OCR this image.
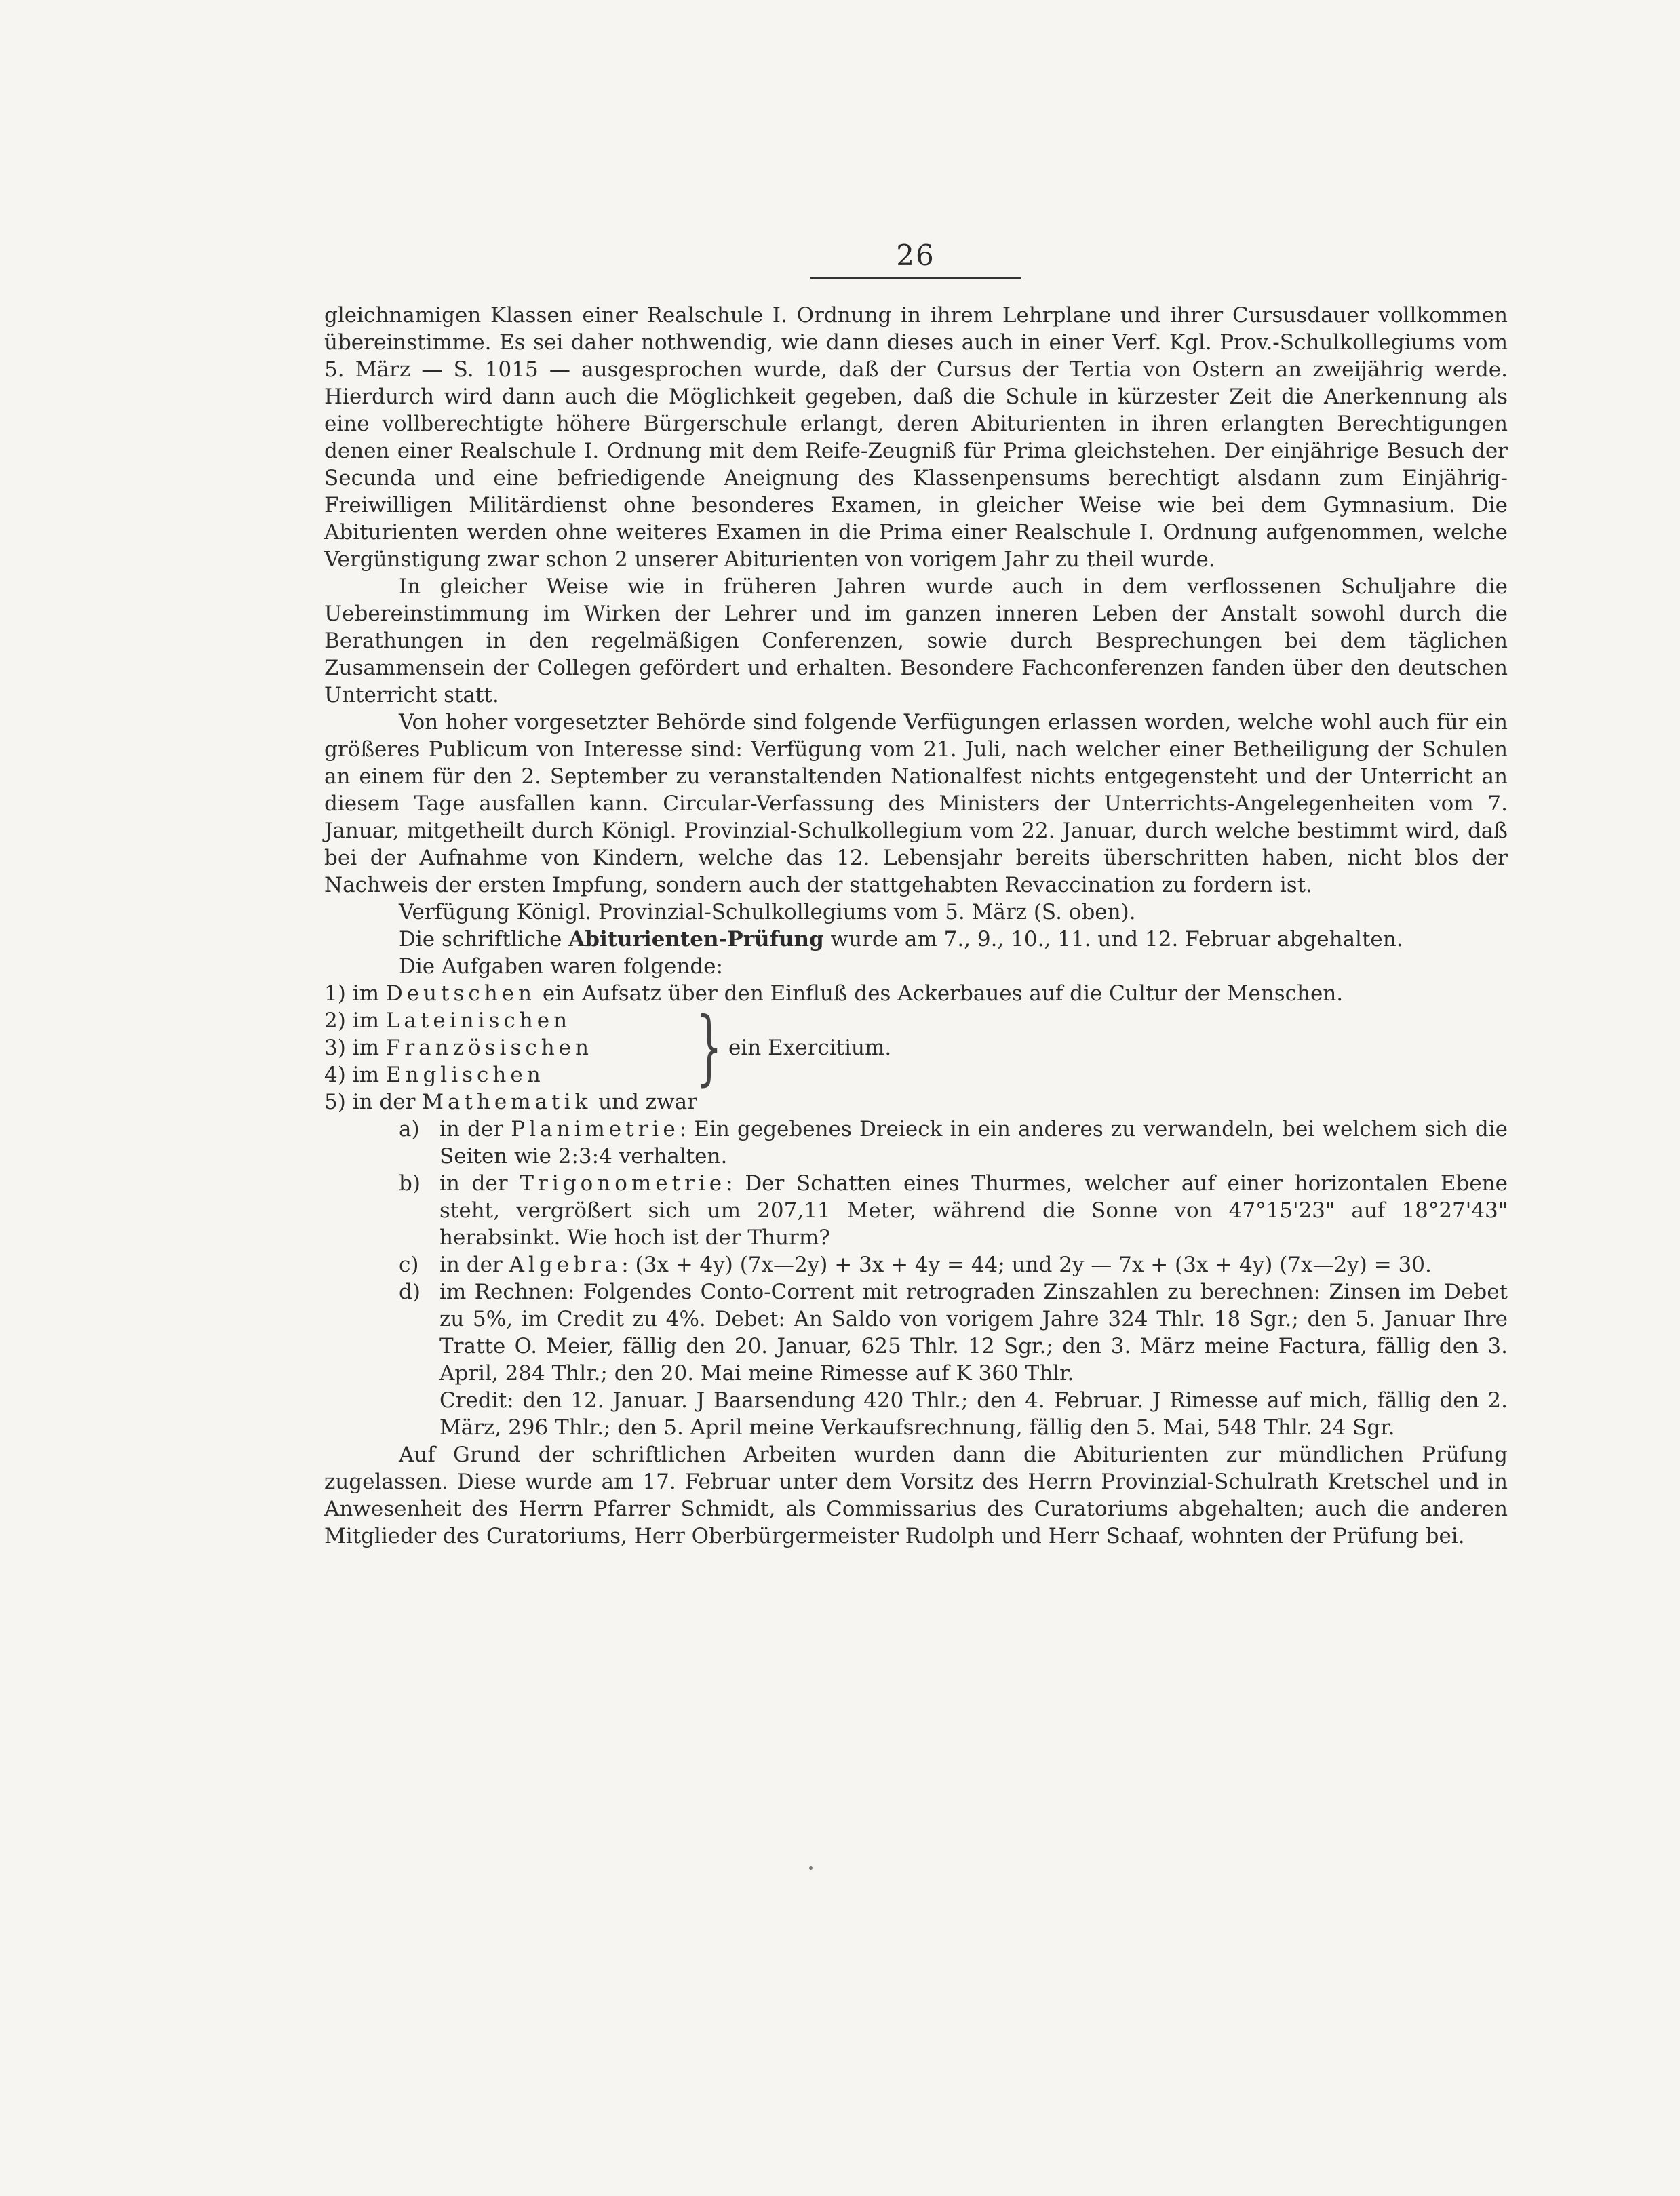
26

gleichnamigen Klassen einer Realschule I. Ordnung in ihrem Lehrplane und ihrer Cursusdauer vollkommen übereinstimme. Es sei daher nothwendig, wie dann dieses auch in einer Verf. Kgl. Prov.-Schulkollegiums vom 5. März — S. 1015 — ausgesprochen wurde, daß der Cursus der Tertia von Ostern an zweijährig werde. Hierdurch wird dann auch die Möglichkeit gegeben, daß die Schule in kürzester Zeit die Anerkennung als eine vollberechtigte höhere Bürgerschule erlangt, deren Abiturienten in ihren erlangten Berechtigungen denen einer Realschule I. Ordnung mit dem Reife-Zeugniß für Prima gleichstehen. Der einjährige Besuch der Secunda und eine befriedigende Aneignung des Klassenpensums berechtigt alsdann zum Einjährig-Freiwilligen Militärdienst ohne besonderes Examen, in gleicher Weise wie bei dem Gymnasium. Die Abiturienten werden ohne weiteres Examen in die Prima einer Realschule I. Ordnung aufgenommen, welche Vergünstigung zwar schon 2 unserer Abiturienten von vorigem Jahr zu theil wurde.

In gleicher Weise wie in früheren Jahren wurde auch in dem verflossenen Schuljahre die Uebereinstimmung im Wirken der Lehrer und im ganzen inneren Leben der Anstalt sowohl durch die Berathungen in den regelmäßigen Conferenzen, sowie durch Besprechungen bei dem täglichen Zusammensein der Collegen gefördert und erhalten. Besondere Fachconferenzen fanden über den deutschen Unterricht statt.

Von hoher vorgesetzter Behörde sind folgende Verfügungen erlassen worden, welche wohl auch für ein größeres Publicum von Interesse sind: Verfügung vom 21. Juli, nach welcher einer Betheiligung der Schulen an einem für den 2. September zu veranstaltenden Nationalfest nichts entgegensteht und der Unterricht an diesem Tage ausfallen kann. Circular-Verfassung des Ministers der Unterrichts-Angelegenheiten vom 7. Januar, mitgetheilt durch Königl. Provinzial-Schulkollegium vom 22. Januar, durch welche bestimmt wird, daß bei der Aufnahme von Kindern, welche das 12. Lebensjahr bereits überschritten haben, nicht blos der Nachweis der ersten Impfung, sondern auch der stattgehabten Revaccination zu fordern ist.

Verfügung Königl. Provinzial-Schulkollegiums vom 5. März (S. oben).

Die schriftliche Abiturienten-Prüfung wurde am 7., 9., 10., 11. und 12. Februar abgehalten.

Die Aufgaben waren folgende:

1) im Deutschen ein Aufsatz über den Einfluß des Ackerbaues auf die Cultur der Menschen.

2) im Lateinischen
3) im Französischen
4) im Englischen	} ein Exercitium.

5) in der Mathematik und zwar

a) in der Planimetrie: Ein gegebenes Dreieck in ein anderes zu verwandeln, bei welchem sich die Seiten wie 2:3:4 verhalten.
b) in der Trigonometrie: Der Schatten eines Thurmes, welcher auf einer horizontalen Ebene steht, vergrößert sich um 207,11 Meter, während die Sonne von 47°15'23" auf 18°27'43" herabsinkt. Wie hoch ist der Thurm?
c) in der Algebra: (3x + 4y) (7x—2y) + 3x + 4y = 44; und 2y — 7x + (3x + 4y) (7x—2y) = 30.
d) im Rechnen: Folgendes Conto-Corrent mit retrograden Zinszahlen zu berechnen: Zinsen im Debet zu 5%, im Credit zu 4%. Debet: An Saldo von vorigem Jahre 324 Thlr. 18 Sgr.; den 5. Januar Ihre Tratte O. Meier, fällig den 20. Januar, 625 Thlr. 12 Sgr.; den 3. März meine Factura, fällig den 3. April, 284 Thlr.; den 20. Mai meine Rimesse auf K 360 Thlr.
Credit: den 12. Januar. J Baarsendung 420 Thlr.; den 4. Februar. J Rimesse auf mich, fällig den 2. März, 296 Thlr.; den 5. April meine Verkaufsrechnung, fällig den 5. Mai, 548 Thlr. 24 Sgr.

Auf Grund der schriftlichen Arbeiten wurden dann die Abiturienten zur mündlichen Prüfung zugelassen. Diese wurde am 17. Februar unter dem Vorsitz des Herrn Provinzial-Schulrath Kretschel und in Anwesenheit des Herrn Pfarrer Schmidt, als Commissarius des Curatoriums abgehalten; auch die anderen Mitglieder des Curatoriums, Herr Oberbürgermeister Rudolph und Herr Schaaf, wohnten der Prüfung bei.
